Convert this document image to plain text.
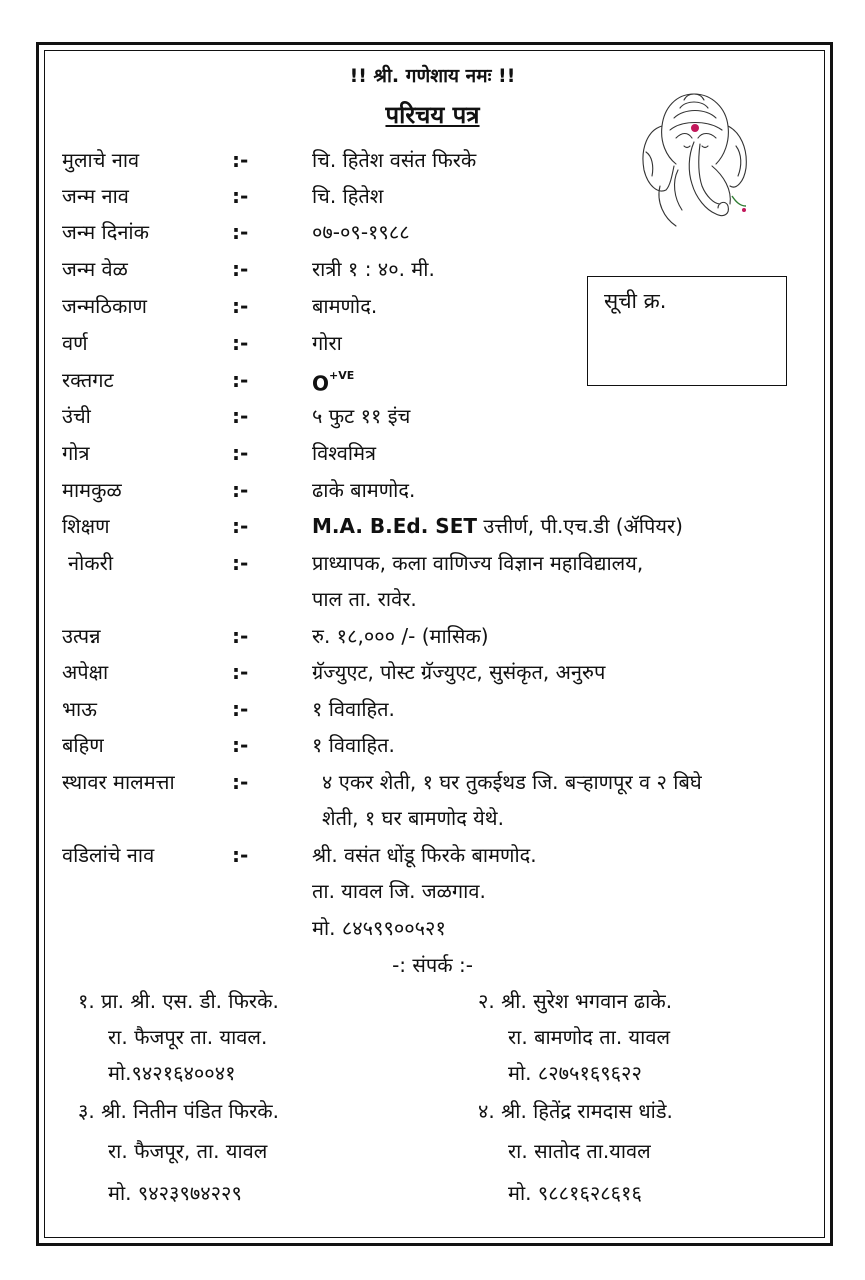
!! श्री. गणेशाय नमः !!
परिचय पत्र
सूची क्र.
मुलाचे नाव	:-	चि. हितेश वसंत फिरके
जन्म नाव	:-	चि. हितेश
जन्म दिनांक	:-	०७-०९-१९८८
जन्म वेळ	:-	रात्री १ : ४०. मी.
जन्मठिकाण	:-	बामणोद.
वर्ण	:-	गोरा
रक्तगट	:-	$O^{+VE}$
उंची	:-	५ फुट ११ इंच
गोत्र	:-	विश्वमित्र
मामकुळ	:-	ढाके बामणोद.
शिक्षण	:-	M.A. B.Ed. SET उत्तीर्ण, पी.एच.डी (ॲपियर)
नोकरी	:-	प्राध्यापक, कला वाणिज्य विज्ञान महाविद्यालय,
पाल ता. रावेर.
उत्पन्न	:-	रु. १८,००० /- (मासिक)
अपेक्षा	:-	ग्रॅज्युएट, पोस्ट ग्रॅज्युएट, सुसंकृत, अनुरुप
भाऊ	:-	१ विवाहित.
बहिण	:-	१ विवाहित.
स्थावर मालमत्ता	:-	४ एकर शेती, १ घर तुकईथड जि. बऱ्हाणपूर व २ बिघे
शेती, १ घर बामणोद येथे.
वडिलांचे नाव	:-	श्री. वसंत धोंडू फिरके बामणोद.
ता. यावल जि. जळगाव.
मो. ८४५९९००५२१
-: संपर्क :-
१. प्रा. श्री. एस. डी. फिरके.
रा. फैजपूर ता. यावल.
मो.९४२१६४००४१
२. श्री. सुरेश भगवान ढाके.
रा. बामणोद ता. यावल
मो. ८२७५१६९६२२
३. श्री. नितीन पंडित फिरके.
रा. फैजपूर, ता. यावल
मो. ९४२३९७४२२९
४. श्री. हितेंद्र रामदास धांडे.
रा. सातोद ता.यावल
मो. ९८८१६२८६१६
